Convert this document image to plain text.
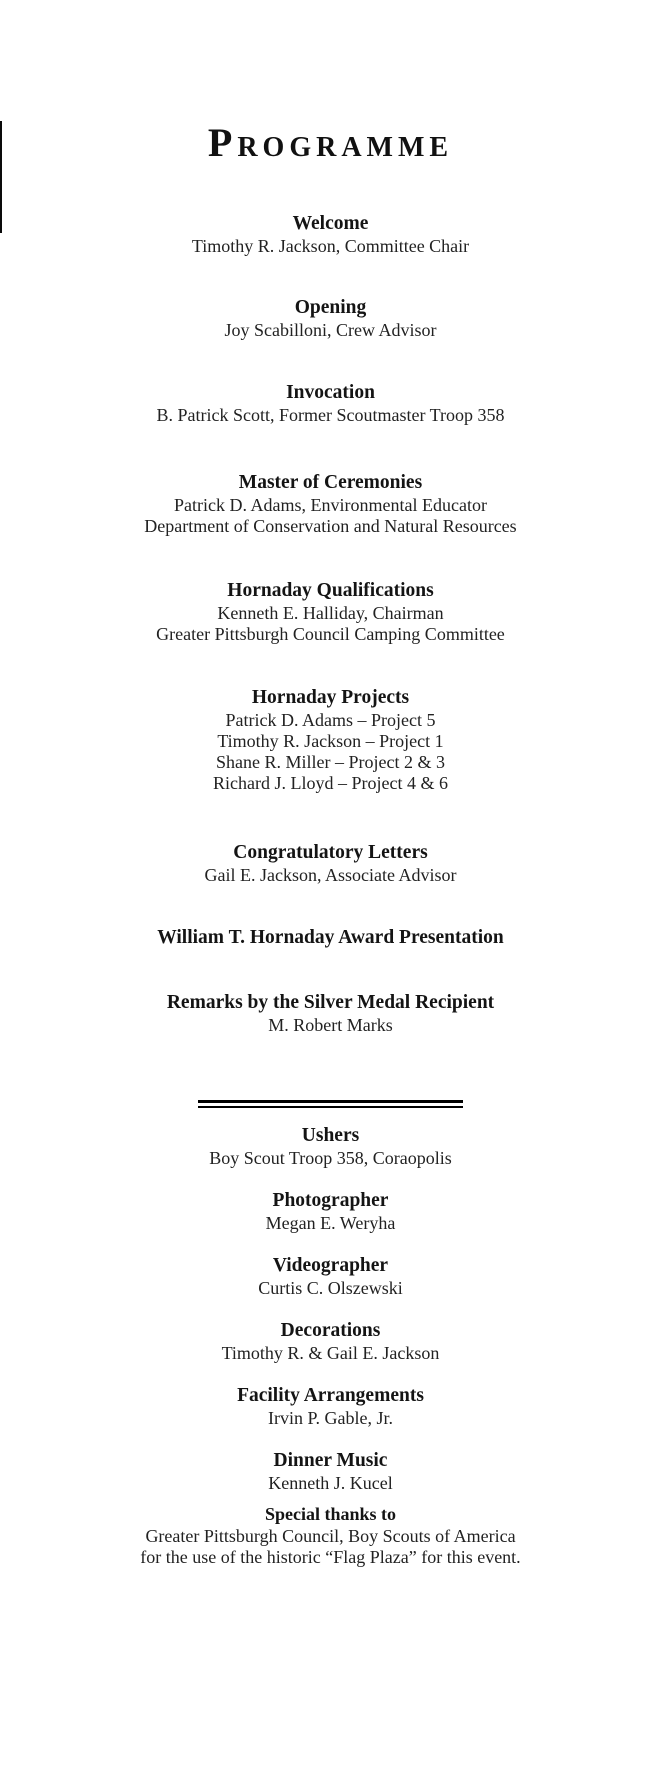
Programme
Welcome
Timothy R. Jackson, Committee Chair
Opening
Joy Scabilloni, Crew Advisor
Invocation
B. Patrick Scott, Former Scoutmaster Troop 358
Master of Ceremonies
Patrick D. Adams, Environmental Educator
Department of Conservation and Natural Resources
Hornaday Qualifications
Kenneth E. Halliday, Chairman
Greater Pittsburgh Council Camping Committee
Hornaday Projects
Patrick D. Adams – Project 5
Timothy R. Jackson – Project 1
Shane R. Miller – Project 2 & 3
Richard J. Lloyd – Project 4 & 6
Congratulatory Letters
Gail E. Jackson, Associate Advisor
William T. Hornaday Award Presentation
Remarks by the Silver Medal Recipient
M. Robert Marks
Ushers
Boy Scout Troop 358, Coraopolis
Photographer
Megan E. Weryha
Videographer
Curtis C. Olszewski
Decorations
Timothy R. & Gail E. Jackson
Facility Arrangements
Irvin P. Gable, Jr.
Dinner Music
Kenneth J. Kucel
Special thanks to
Greater Pittsburgh Council, Boy Scouts of America
for the use of the historic “Flag Plaza” for this event.
